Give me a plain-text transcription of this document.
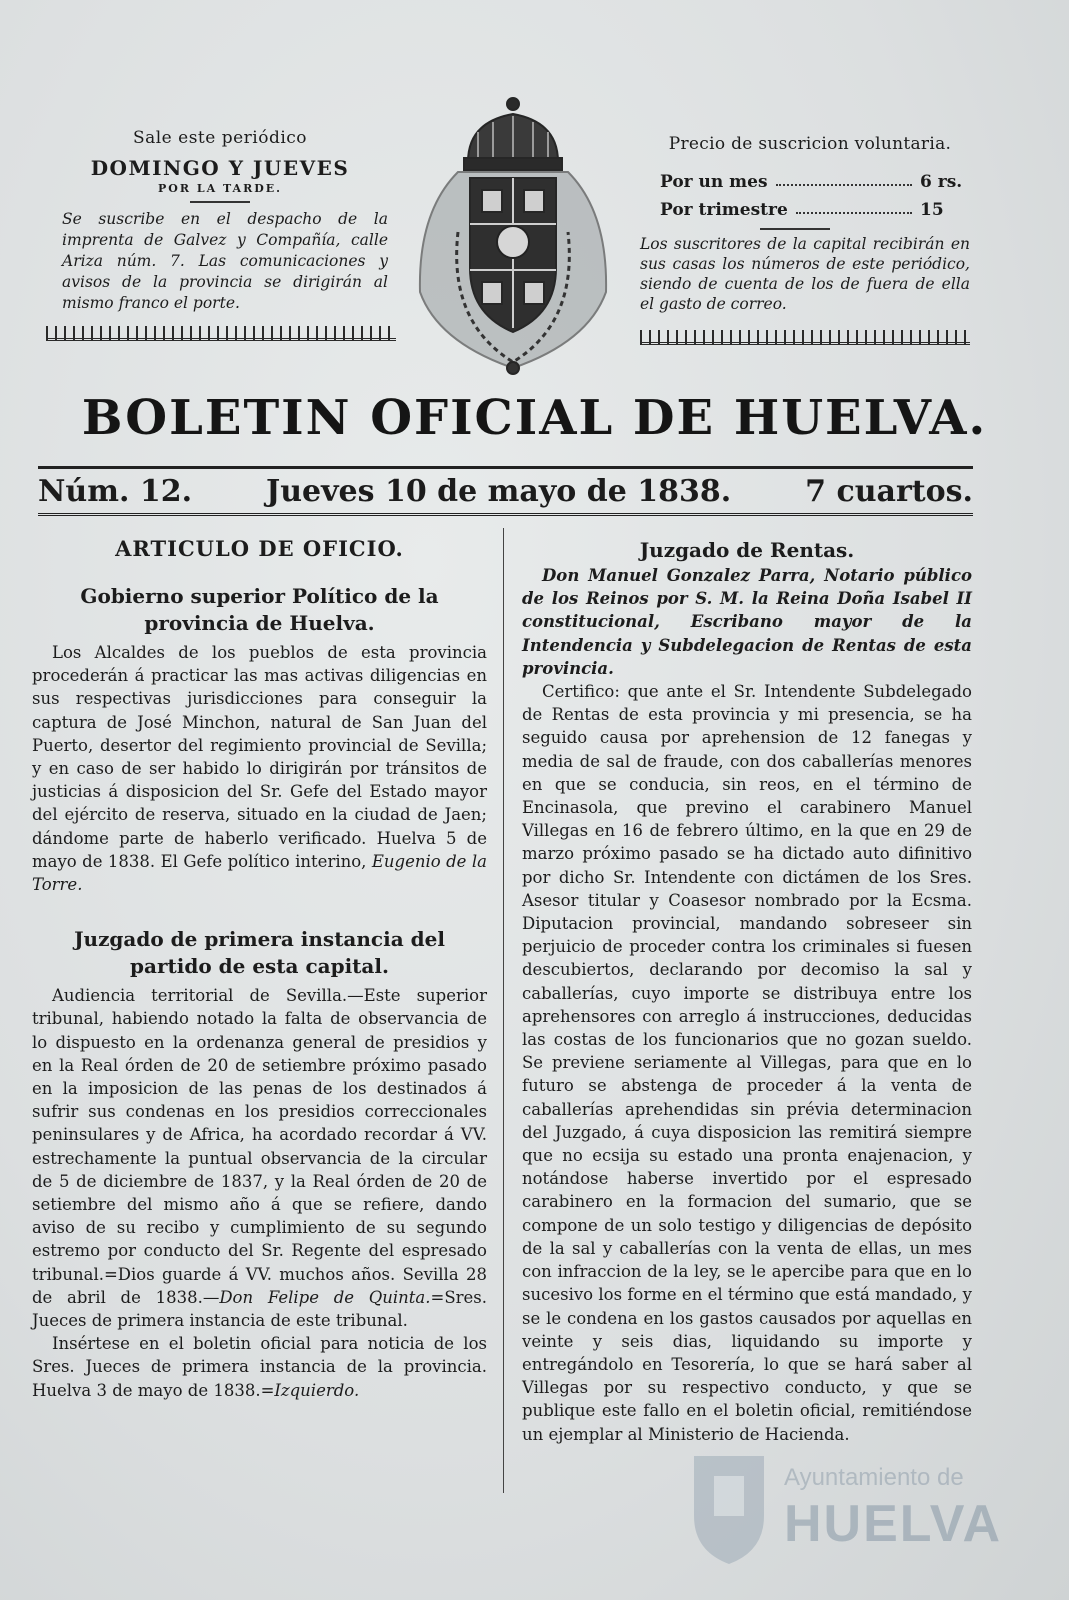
Sale este periódico
DOMINGO Y JUEVES
POR LA TARDE.
Se suscribe en el despacho de la imprenta de Galvez y Compañía, calle Ariza núm. 7. Las comunicaciones y avisos de la provincia se dirigirán al mismo franco el porte.
Precio de suscricion voluntaria.
Por un mes	6 rs.
Por trimestre	15
Los suscritores de la capital recibirán en sus casas los números de este periódico, siendo de cuenta de los de fuera de ella el gasto de correo.
BOLETIN OFICIAL DE HUELVA.
Núm. 12. Jueves 10 de mayo de 1838. 7 cuartos.
ARTICULO DE OFICIO.
Gobierno superior Político de la provincia de Huelva.

Los Alcaldes de los pueblos de esta provincia procederán á practicar las mas activas diligencias en sus respectivas jurisdicciones para conseguir la captura de José Minchon, natural de San Juan del Puerto, desertor del regimiento provincial de Sevilla; y en caso de ser habido lo dirigirán por tránsitos de justicias á disposicion del Sr. Gefe del Estado mayor del ejército de reserva, situado en la ciudad de Jaen; dándome parte de haberlo verificado. Huelva 5 de mayo de 1838. El Gefe político interino, Eugenio de la Torre.

Juzgado de primera instancia del partido de esta capital.

Audiencia territorial de Sevilla.—Este superior tribunal, habiendo notado la falta de observancia de lo dispuesto en la ordenanza general de presidios y en la Real órden de 20 de setiembre próximo pasado en la imposicion de las penas de los destinados á sufrir sus condenas en los presidios correccionales peninsulares y de Africa, ha acordado recordar á VV. estrechamente la puntual observancia de la circular de 5 de diciembre de 1837, y la Real órden de 20 de setiembre del mismo año á que se refiere, dando aviso de su recibo y cumplimiento de su segundo estremo por conducto del Sr. Regente del espresado tribunal.=Dios guarde á VV. muchos años. Sevilla 28 de abril de 1838.—Don Felipe de Quinta.=Sres. Jueces de primera instancia de este tribunal.

Insértese en el boletin oficial para noticia de los Sres. Jueces de primera instancia de la provincia. Huelva 3 de mayo de 1838.=Izquierdo.

Juzgado de Rentas.

Don Manuel Gonzalez Parra, Notario público de los Reinos por S. M. la Reina Doña Isabel II constitucional, Escribano mayor de la Intendencia y Subdelegacion de Rentas de esta provincia.

Certifico: que ante el Sr. Intendente Subdelegado de Rentas de esta provincia y mi presencia, se ha seguido causa por aprehension de 12 fanegas y media de sal de fraude, con dos caballerías menores en que se conducia, sin reos, en el término de Encinasola, que previno el carabinero Manuel Villegas en 16 de febrero último, en la que en 29 de marzo próximo pasado se ha dictado auto difinitivo por dicho Sr. Intendente con dictámen de los Sres. Asesor titular y Coasesor nombrado por la Ecsma. Diputacion provincial, mandando sobreseer sin perjuicio de proceder contra los criminales si fuesen descubiertos, declarando por decomiso la sal y caballerías, cuyo importe se distribuya entre los aprehensores con arreglo á instrucciones, deducidas las costas de los funcionarios que no gozan sueldo. Se previene seriamente al Villegas, para que en lo futuro se abstenga de proceder á la venta de caballerías aprehendidas sin prévia determinacion del Juzgado, á cuya disposicion las remitirá siempre que no ecsija su estado una pronta enajenacion, y notándose haberse invertido por el espresado carabinero en la formacion del sumario, que se compone de un solo testigo y diligencias de depósito de la sal y caballerías con la venta de ellas, un mes con infraccion de la ley, se le apercibe para que en lo sucesivo los forme en el término que está mandado, y se le condena en los gastos causados por aquellas en veinte y seis dias, liquidando su importe y entregándolo en Tesorería, lo que se hará saber al Villegas por su respectivo conducto, y que se publique este fallo en el boletin oficial, remitiéndose un ejemplar al Ministerio de Hacienda.

Ayuntamiento de
HUELVA
